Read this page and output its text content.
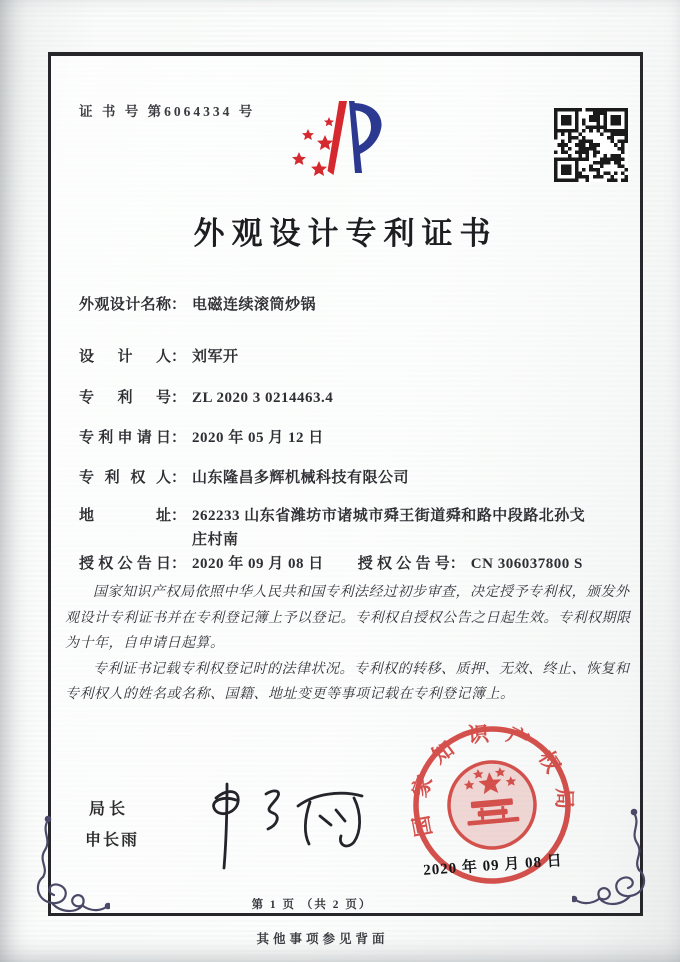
证 书 号 第6064334 号
外观设计专利证书
外观设计名称： 电磁连续滚筒炒锅
设计人： 刘军开
专利号： ZL 2020 3 0214463.4
专利申请日： 2020 年 05 月 12 日
专利权人： 山东隆昌多辉机械科技有限公司
地址： 262233 山东省潍坊市诸城市舜王街道舜和路中段路北孙戈庄村南
授权公告日： 2020 年 09 月 08 日 授权公告号： CN 306037800 S

国家知识产权局依照中华人民共和国专利法经过初步审查，决定授予专利权，颁发外观设计专利证书并在专利登记簿上予以登记。专利权自授权公告之日起生效。专利权期限为十年，自申请日起算。

专利证书记载专利权登记时的法律状况。专利权的转移、质押、无效、终止、恢复和专利权人的姓名或名称、国籍、地址变更等事项记载在专利登记簿上。

局长
申长雨
国家知识产权局
2020 年 09 月 08 日
第 1 页 （共 2 页）
其他事项参见背面
